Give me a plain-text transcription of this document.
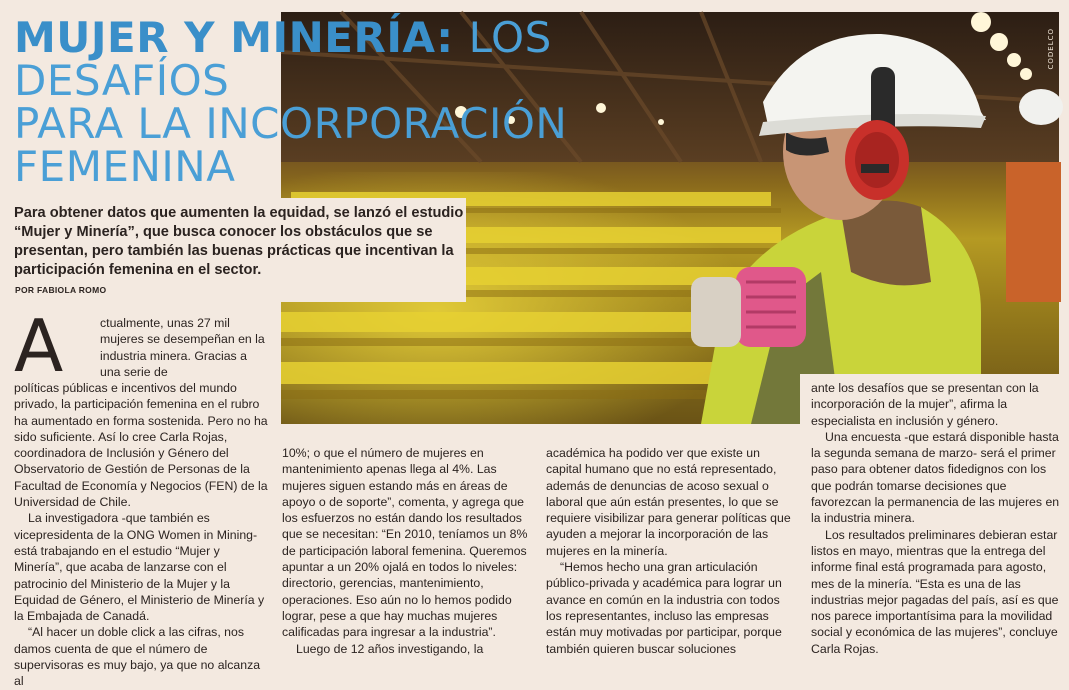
CODELCO
MUJER Y MINERÍA: LOS DESAFÍOS
PARA LA INCORPORACIÓN
FEMENINA

Para obtener datos que aumenten la equidad, se lanzó el estudio “Mujer y Minería”, que busca conocer los obstáculos que se presentan, pero también las buenas prácticas que incentivan la participación femenina en el sector.

POR FABIOLA ROMO
A	ctualmente, unas 27 mil mujeres se desempeñan en la industria minera. Gracias a una serie de

políticas públicas e incentivos del mundo privado, la participación femenina en el rubro ha aumentado en forma sostenida. Pero no ha sido suficiente. Así lo cree Carla Rojas, coordinadora de Inclusión y Género del Observatorio de Gestión de Personas de la Facultad de Economía y Negocios (FEN) de la Universidad de Chile.

La investigadora -que también es vicepresidenta de la ONG Women in Mining- está trabajando en el estudio “Mujer y Minería”, que acaba de lanzarse con el patrocinio del Ministerio de la Mujer y la Equidad de Género, el Ministerio de Minería y la Embajada de Canadá.

“Al hacer un doble click a las cifras, nos damos cuenta de que el número de supervisoras es muy bajo, ya que no alcanza al

10%; o que el número de mujeres en mantenimiento apenas llega al 4%. Las mujeres siguen estando más en áreas de apoyo o de soporte”, comenta, y agrega que los esfuerzos no están dando los resultados que se necesitan: “En 2010, teníamos un 8% de participación laboral femenina. Queremos apuntar a un 20% ojalá en todos lo niveles: directorio, gerencias, mantenimiento, operaciones. Eso aún no lo hemos podido lograr, pese a que hay muchas mujeres calificadas para ingresar a la industria”.

Luego de 12 años investigando, la

académica ha podido ver que existe un capital humano que no está representado, además de denuncias de acoso sexual o laboral que aún están presentes, lo que se requiere visibilizar para generar políticas que ayuden a mejorar la incorporación de las mujeres en la minería.

“Hemos hecho una gran articulación público-privada y académica para lograr un avance en común en la industria con todos los representantes, incluso las empresas están muy motivadas por participar, porque también quieren buscar soluciones

ante los desafíos que se presentan con la incorporación de la mujer”, afirma la especialista en inclusión y género.

Una encuesta -que estará disponible hasta la segunda semana de marzo- será el primer paso para obtener datos fidedignos con los que podrán tomarse decisiones que favorezcan la permanencia de las mujeres en la industria minera.

Los resultados preliminares debieran estar listos en mayo, mientras que la entrega del informe final está programada para agosto, mes de la minería. “Esta es una de las industrias mejor pagadas del país, así es que nos parece importantísima para la movilidad social y económica de las mujeres”, concluye Carla Rojas.
